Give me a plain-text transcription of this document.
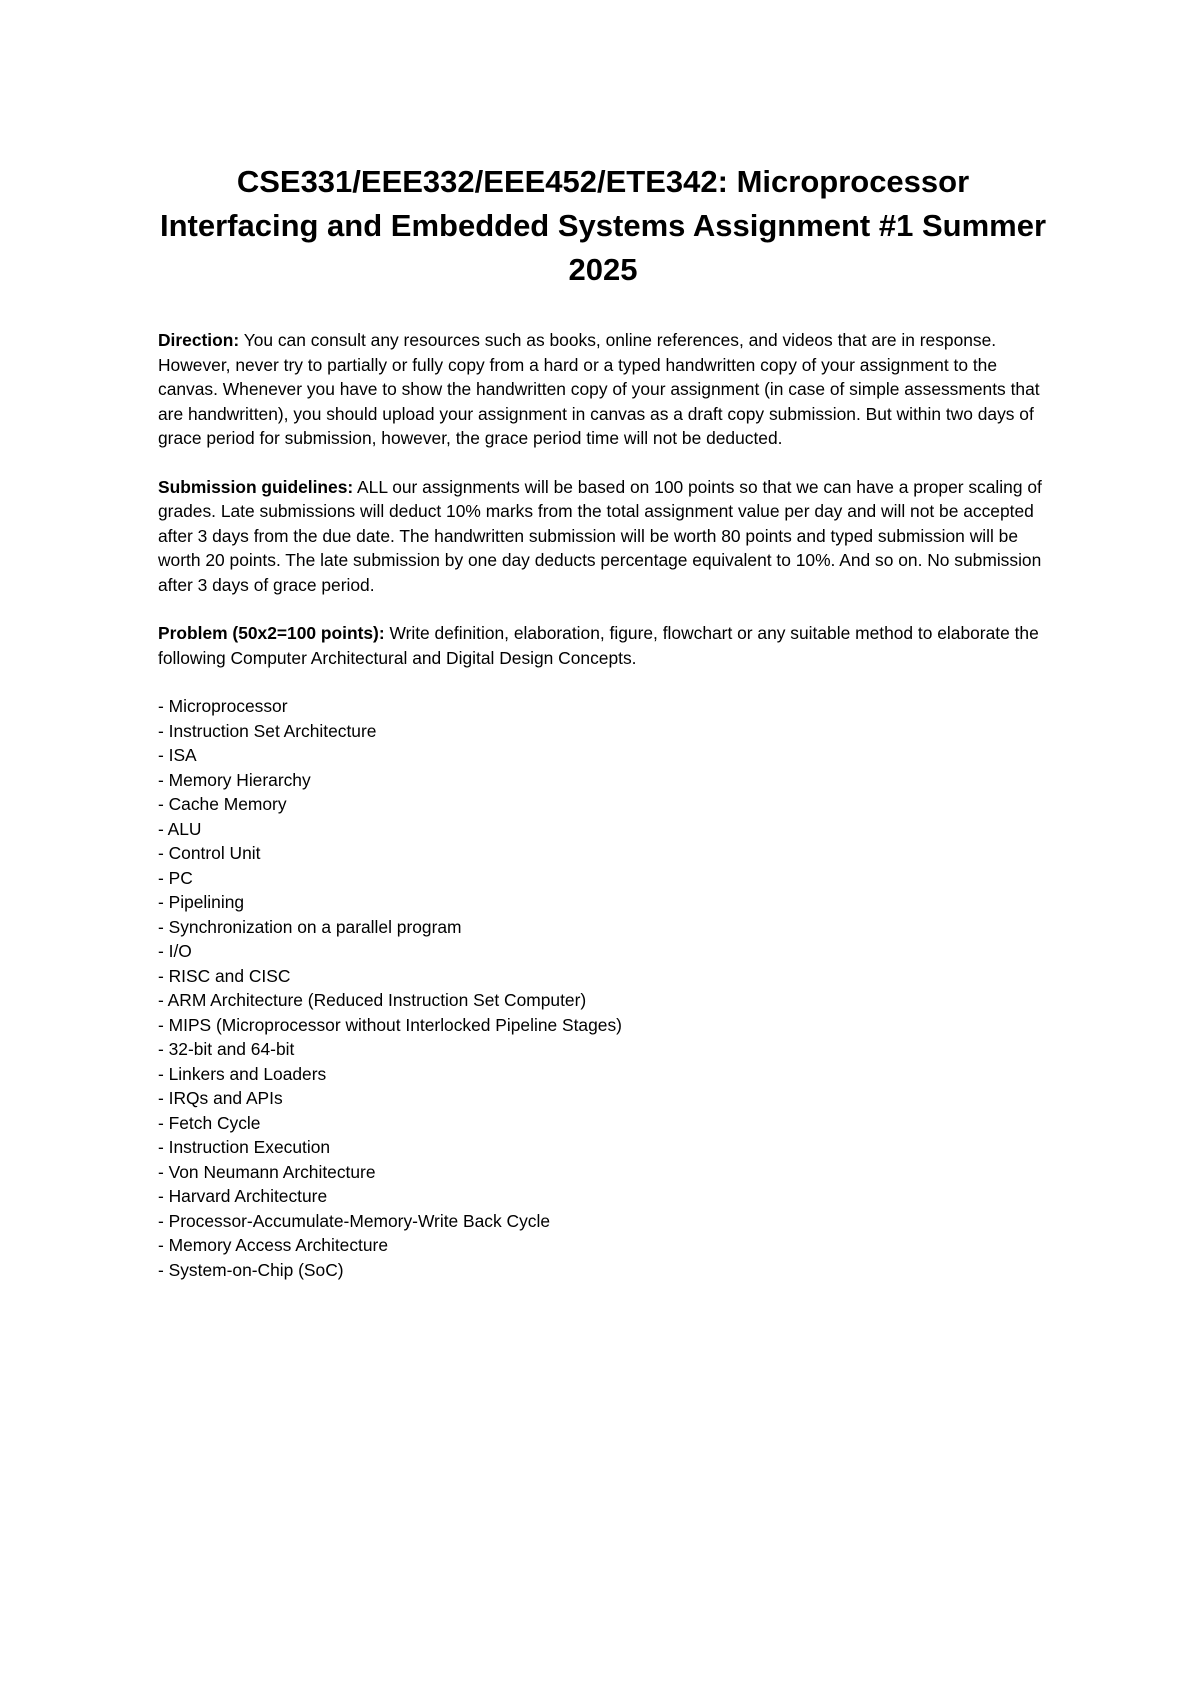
CSE331/EEE332/EEE452/ETE342: Microprocessor Interfacing and Embedded Systems Assignment #1 Summer 2025

Direction: You can consult any resources such as books, online references, and videos that are in response. However, never try to partially or fully copy from a hard or a typed handwritten copy of your assignment to the canvas. Whenever you have to show the handwritten copy of your assignment (in case of simple assessments that are handwritten), you should upload your assignment in canvas as a draft copy submission. But within two days of grace period for submission, however, the grace period time will not be deducted.

Submission guidelines: ALL our assignments will be based on 100 points so that we can have a proper scaling of grades. Late submissions will deduct 10% marks from the total assignment value per day and will not be accepted after 3 days from the due date. The handwritten submission will be worth 80 points and typed submission will be worth 20 points. The late submission by one day deducts percentage equivalent to 10%. And so on. No submission after 3 days of grace period.

Problem (50x2=100 points): Write definition, elaboration, figure, flowchart or any suitable method to elaborate the following Computer Architectural and Digital Design Concepts.

- Microprocessor
- Instruction Set Architecture
- ISA
- Memory Hierarchy
- Cache Memory
- ALU
- Control Unit
- PC
- Pipelining
- Synchronization on a parallel program
- I/O
- RISC and CISC
- ARM Architecture (Reduced Instruction Set Computer)
- MIPS (Microprocessor without Interlocked Pipeline Stages)
- 32-bit and 64-bit
- Linkers and Loaders
- IRQs and APIs
- Fetch Cycle
- Instruction Execution
- Von Neumann Architecture
- Harvard Architecture
- Processor-Accumulate-Memory-Write Back Cycle
- Memory Access Architecture
- System-on-Chip (SoC)
